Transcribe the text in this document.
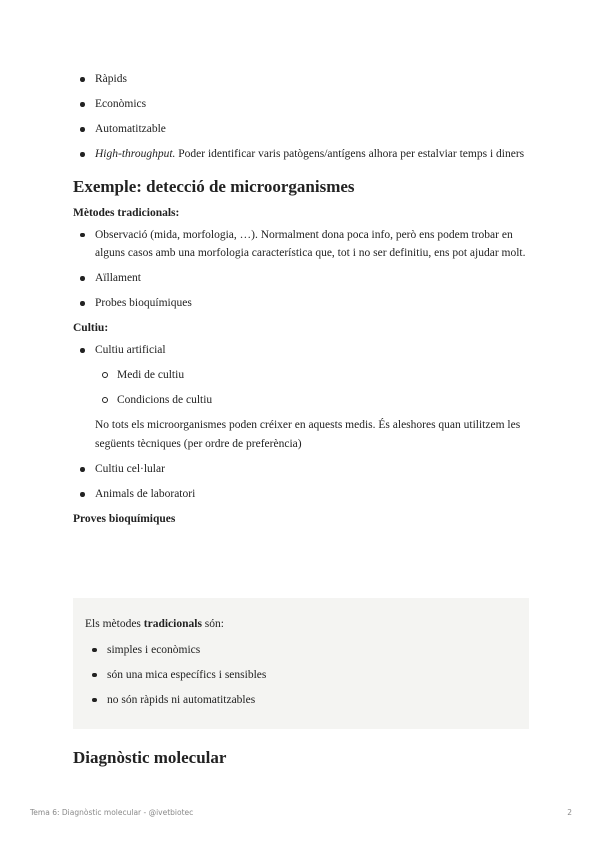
Ràpids
Econòmics
Automatitzable
High-throughput. Poder identificar varis patògens/antígens alhora per estalviar temps i diners
Exemple: detecció de microorganismes
Mètodes tradicionals:
Observació (mida, morfologia, …). Normalment dona poca info, però ens podem trobar en alguns casos amb una morfologia característica que, tot i no ser definitiu, ens pot ajudar molt.
Aïllament
Probes bioquímiques
Cultiu:
Cultiu artificial
Medi de cultiu
Condicions de cultiu
No tots els microorganismes poden créixer en aquests medis. És aleshores quan utilitzem les següents tècniques (per ordre de preferència)
Cultiu cel·lular
Animals de laboratori
Proves bioquímiques
Els mètodes tradicionals són:
simples i econòmics
són una mica específics i sensibles
no són ràpids ni automatitzables
Diagnòstic molecular
Tema 6: Diagnòstic molecular - @ivetbiotec	2
